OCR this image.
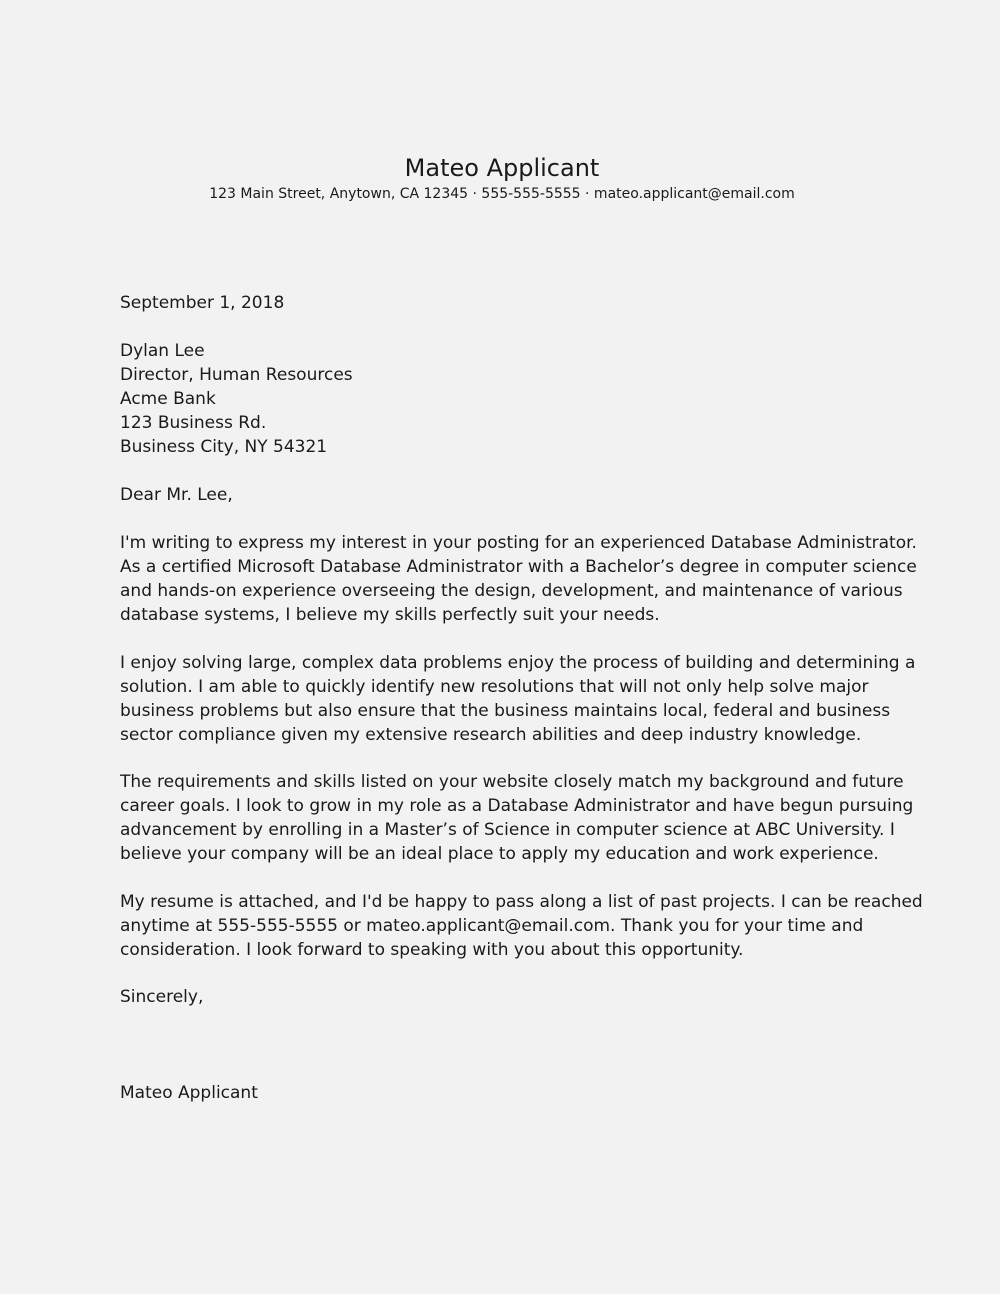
Mateo Applicant
123 Main Street, Anytown, CA 12345 · 555-555-5555 · mateo.applicant@email.com
September 1, 2018
Dylan Lee
Director, Human Resources
Acme Bank
123 Business Rd.
Business City, NY 54321
Dear Mr. Lee,
I'm writing to express my interest in your posting for an experienced Database Administrator.
As a certified Microsoft Database Administrator with a Bachelor’s degree in computer science
and hands-on experience overseeing the design, development, and maintenance of various
database systems, I believe my skills perfectly suit your needs.
I enjoy solving large, complex data problems enjoy the process of building and determining a
solution. I am able to quickly identify new resolutions that will not only help solve major
business problems but also ensure that the business maintains local, federal and business
sector compliance given my extensive research abilities and deep industry knowledge.
The requirements and skills listed on your website closely match my background and future
career goals. I look to grow in my role as a Database Administrator and have begun pursuing
advancement by enrolling in a Master’s of Science in computer science at ABC University. I
believe your company will be an ideal place to apply my education and work experience.
My resume is attached, and I'd be happy to pass along a list of past projects. I can be reached
anytime at 555-555-5555 or mateo.applicant@email.com. Thank you for your time and
consideration. I look forward to speaking with you about this opportunity.
Sincerely,
Mateo Applicant
